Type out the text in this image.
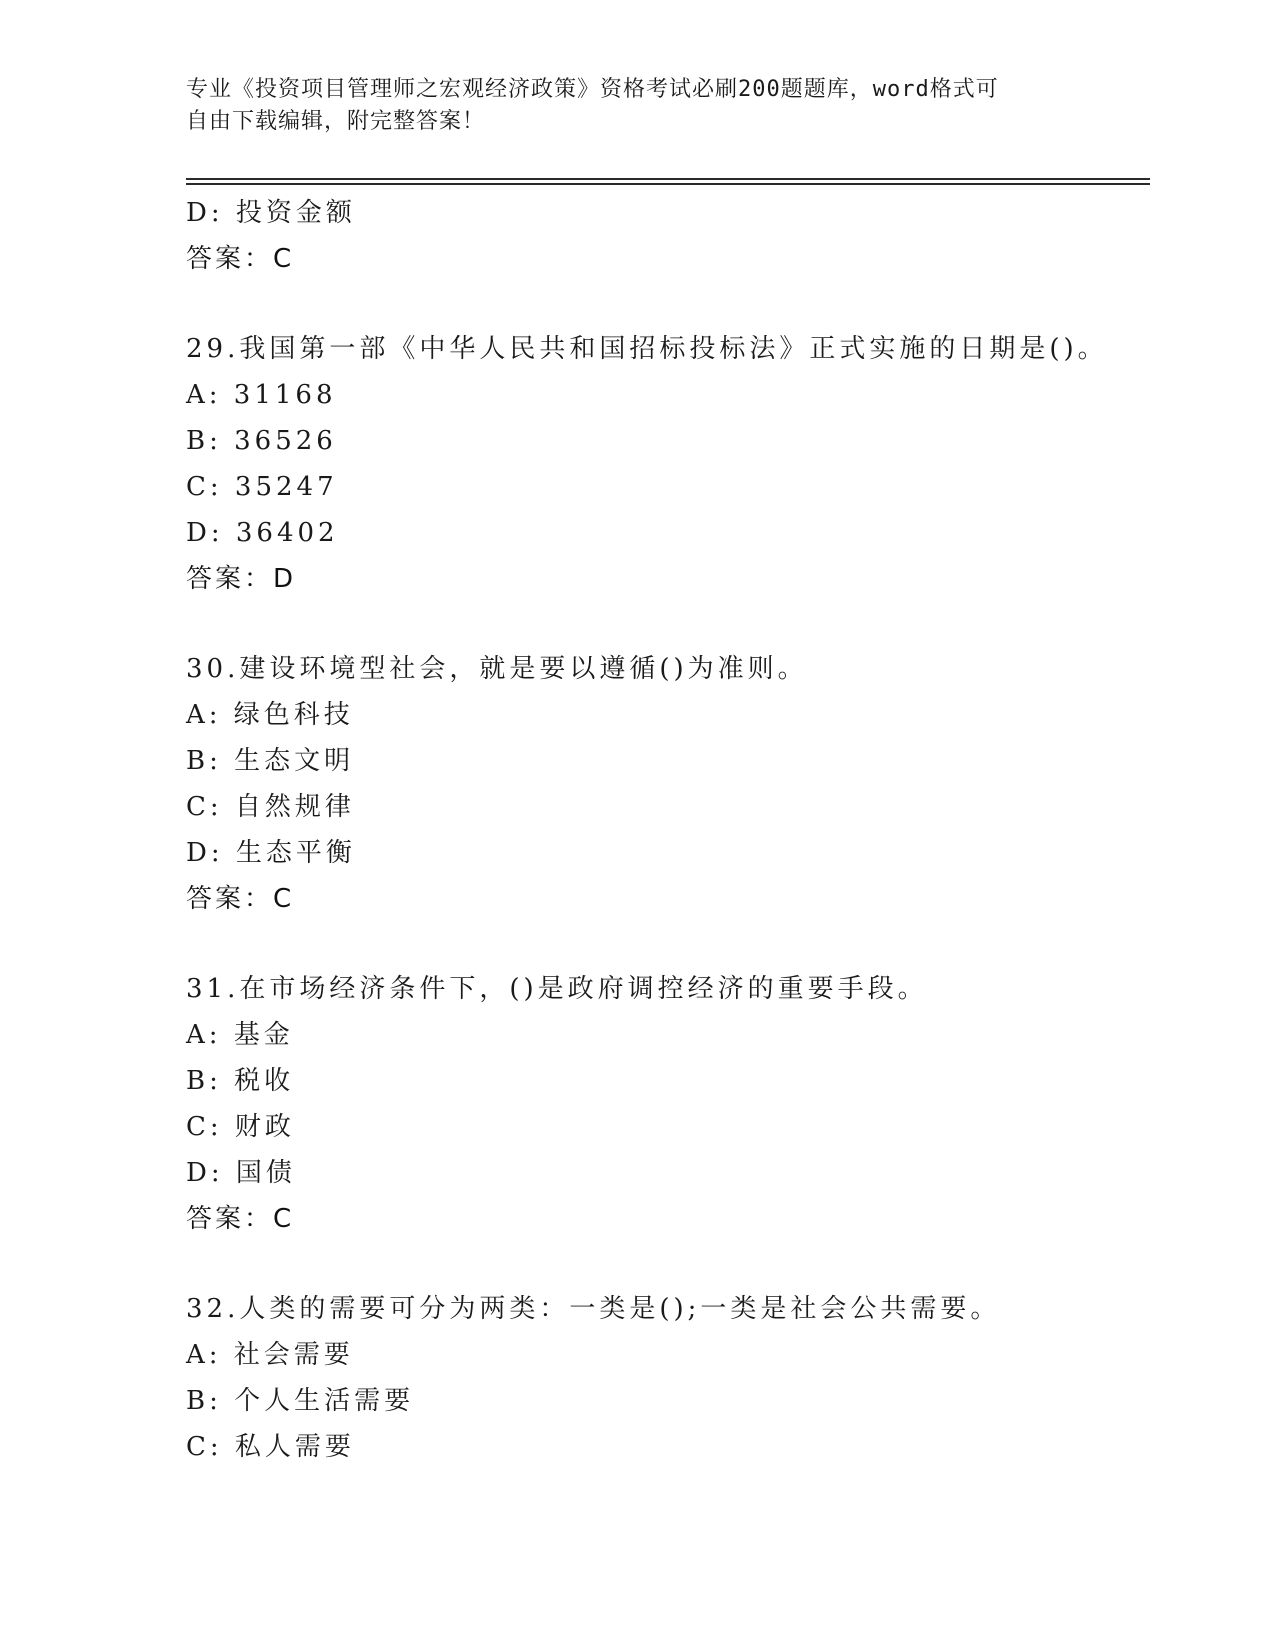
专业《投资项目管理师之宏观经济政策》资格考试必刷200题题库，word格式可
自由下载编辑，附完整答案！
D: 投资金额
答案：C
29.我国第一部《中华人民共和国招标投标法》正式实施的日期是()。
A: 31168
B: 36526
C: 35247
D: 36402
答案：D
30.建设环境型社会，就是要以遵循()为准则。
A: 绿色科技
B: 生态文明
C: 自然规律
D: 生态平衡
答案：C
31.在市场经济条件下，()是政府调控经济的重要手段。
A: 基金
B: 税收
C: 财政
D: 国债
答案：C
32.人类的需要可分为两类：一类是();一类是社会公共需要。
A: 社会需要
B: 个人生活需要
C: 私人需要
